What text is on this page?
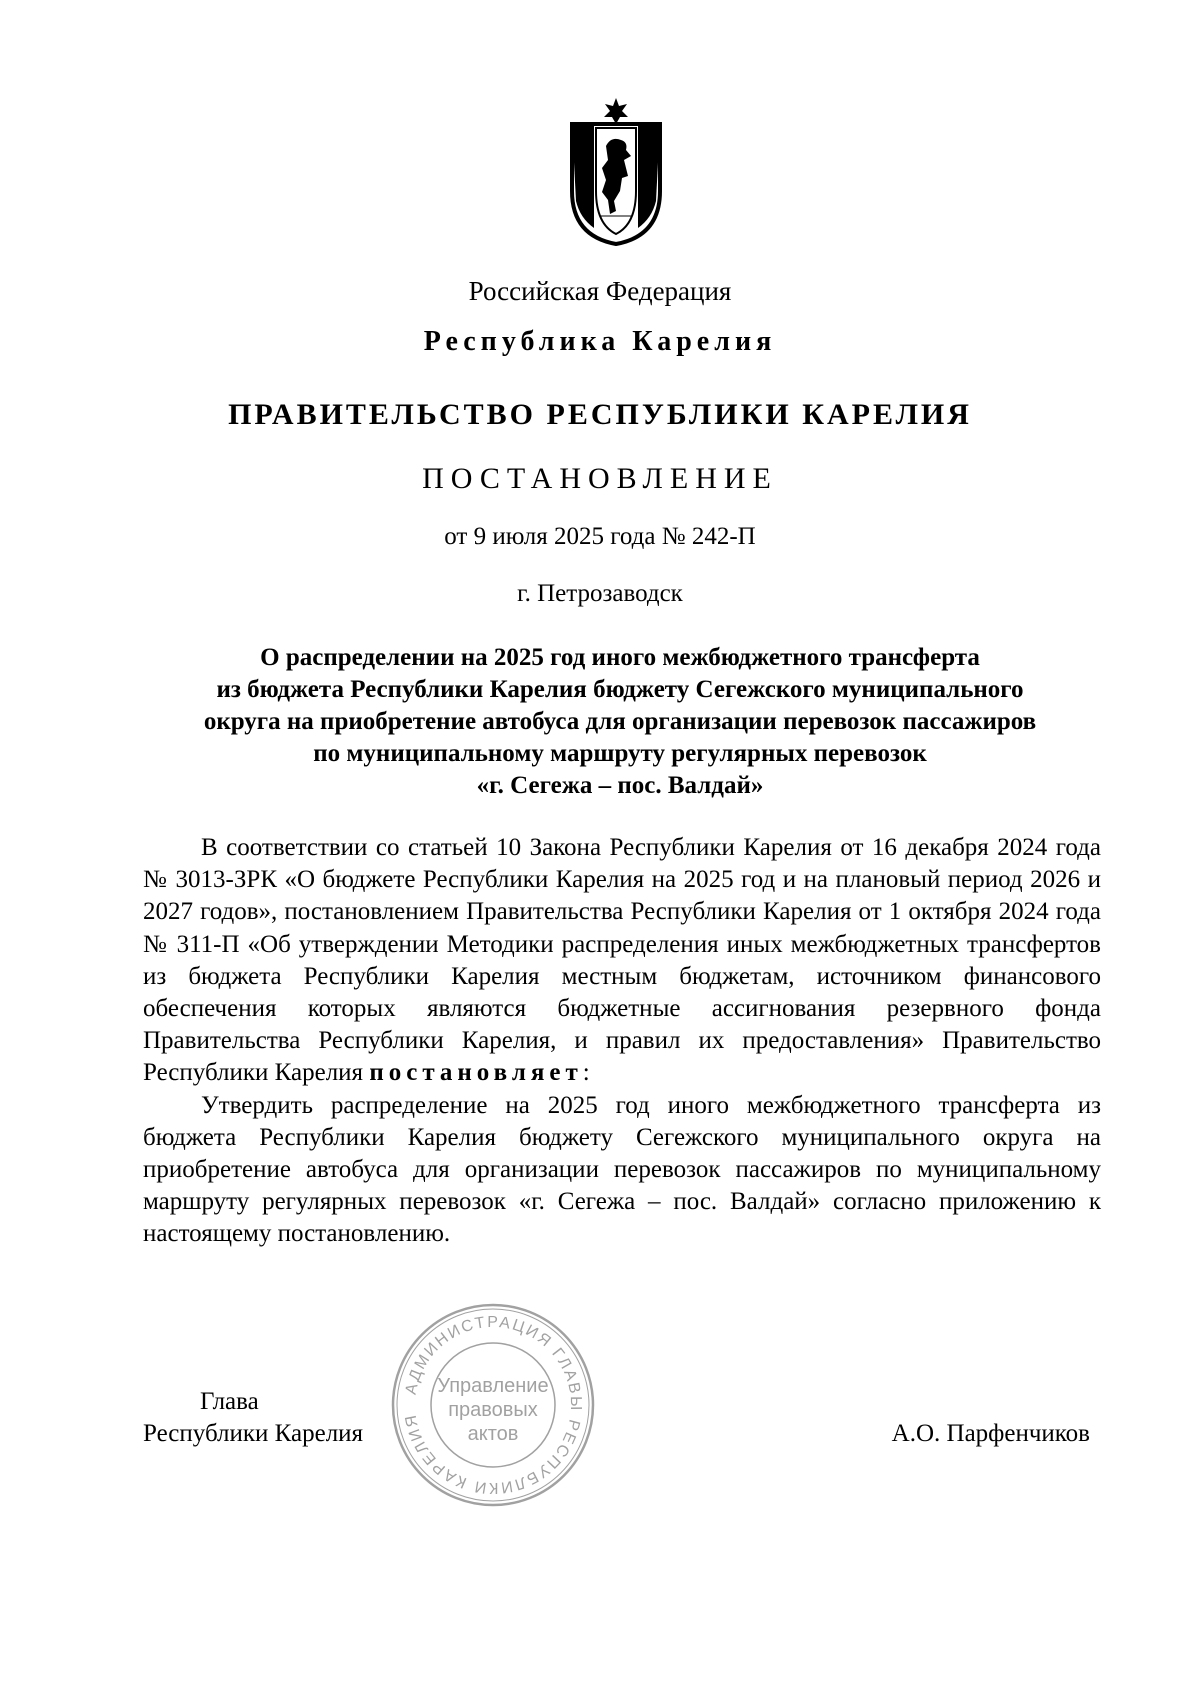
Российская Федерация
Республика Карелия
ПРАВИТЕЛЬСТВО РЕСПУБЛИКИ КАРЕЛИЯ
ПОСТАНОВЛЕНИЕ
от 9 июля 2025 года № 242-П
г. Петрозаводск
О распределении на 2025 год иного межбюджетного трансферта
из бюджета Республики Карелия бюджету Сегежского муниципального
округа на приобретение автобуса для организации перевозок пассажиров
по муниципальному маршруту регулярных перевозок
«г. Сегежа – пос. Валдай»

В соответствии со статьей 10 Закона Республики Карелия от 16 декабря 2024 года № 3013-ЗРК «О бюджете Республики Карелия на 2025 год и на плановый период 2026 и 2027 годов», постановлением Правительства Республики Карелия от 1 октября 2024 года № 311-П «Об утверждении Методики распределения иных межбюджетных трансфертов из бюджета Республики Карелия местным бюджетам, источником финансового обеспечения которых являются бюджетные ассигнования резервного фонда Правительства Республики Карелия, и правил их предоставления» Правительство Республики Карелия постановляет:

Утвердить распределение на 2025 год иного межбюджетного трансферта из бюджета Республики Карелия бюджету Сегежского муниципального округа на приобретение автобуса для организации перевозок пассажиров по муниципальному маршруту регулярных перевозок «г. Сегежа – пос. Валдай» согласно приложению к настоящему постановлению.

Глава
Республики Карелия	А.О. Парфенчиков
АДМИНИСТРАЦИЯ ГЛАВЫ РЕСПУБЛИКИ КАРЕЛИЯ
Управление
правовых
актов
